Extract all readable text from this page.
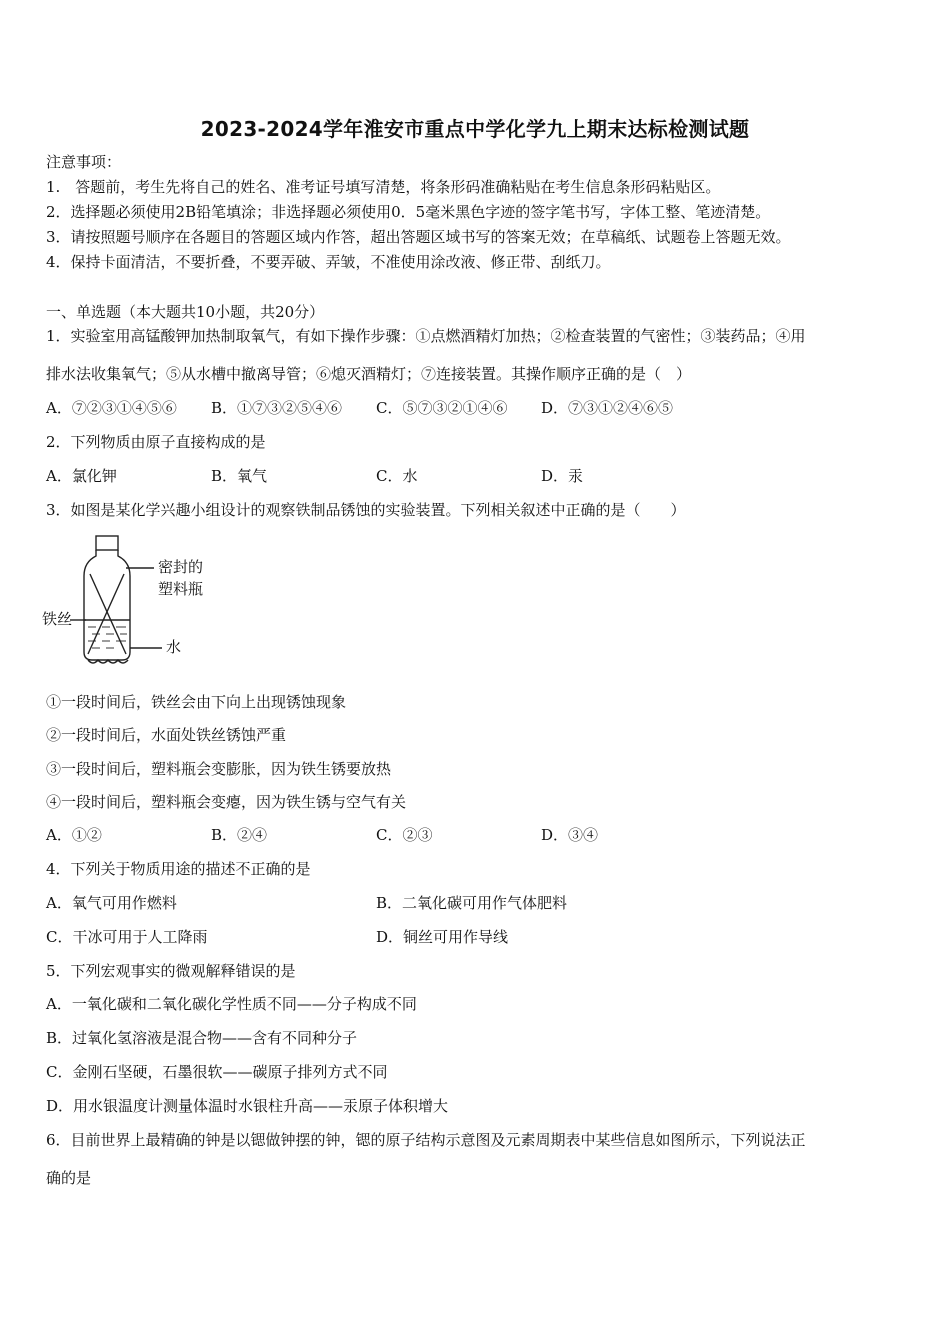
2023-2024学年淮安市重点中学化学九上期末达标检测试题
注意事项：
1.　答题前，考生先将自己的姓名、准考证号填写清楚，将条形码准确粘贴在考生信息条形码粘贴区。
2．选择题必须使用2B铅笔填涂；非选择题必须使用0．5毫米黑色字迹的签字笔书写，字体工整、笔迹清楚。
3．请按照题号顺序在各题目的答题区域内作答，超出答题区域书写的答案无效；在草稿纸、试题卷上答题无效。
4．保持卡面清洁，不要折叠，不要弄破、弄皱，不准使用涂改液、修正带、刮纸刀。
一、单选题（本大题共10小题，共20分）
1．实验室用高锰酸钾加热制取氧气，有如下操作步骤：①点燃酒精灯加热；②检查装置的气密性；③装药品；④用
排水法收集氧气；⑤从水槽中撤离导管；⑥熄灭酒精灯；⑦连接装置。其操作顺序正确的是（　）
A．⑦②③①④⑤⑥ B．①⑦③②⑤④⑥ C．⑤⑦③②①④⑥ D．⑦③①②④⑥⑤
2．下列物质由原子直接构成的是
A．氯化钾	B．氧气	C．水	D．汞
3．如图是某化学兴趣小组设计的观察铁制品锈蚀的实验装置。下列相关叙述中正确的是（　　）
密封的
塑料瓶
铁丝
水
①一段时间后，铁丝会由下向上出现锈蚀现象
②一段时间后，水面处铁丝锈蚀严重
③一段时间后，塑料瓶会变膨胀，因为铁生锈要放热
④一段时间后，塑料瓶会变瘪，因为铁生锈与空气有关
A．①②	B．②④	C．②③	D．③④
4．下列关于物质用途的描述不正确的是
A．氧气可用作燃料	B．二氧化碳可用作气体肥料
C．干冰可用于人工降雨	D．铜丝可用作导线
5．下列宏观事实的微观解释错误的是
A．一氧化碳和二氧化碳化学性质不同——分子构成不同
B．过氧化氢溶液是混合物——含有不同种分子
C．金刚石坚硬，石墨很软——碳原子排列方式不同
D．用水银温度计测量体温时水银柱升高——汞原子体积增大
6．目前世界上最精确的钟是以锶做钟摆的钟，锶的原子结构示意图及元素周期表中某些信息如图所示，下列说法正
确的是
